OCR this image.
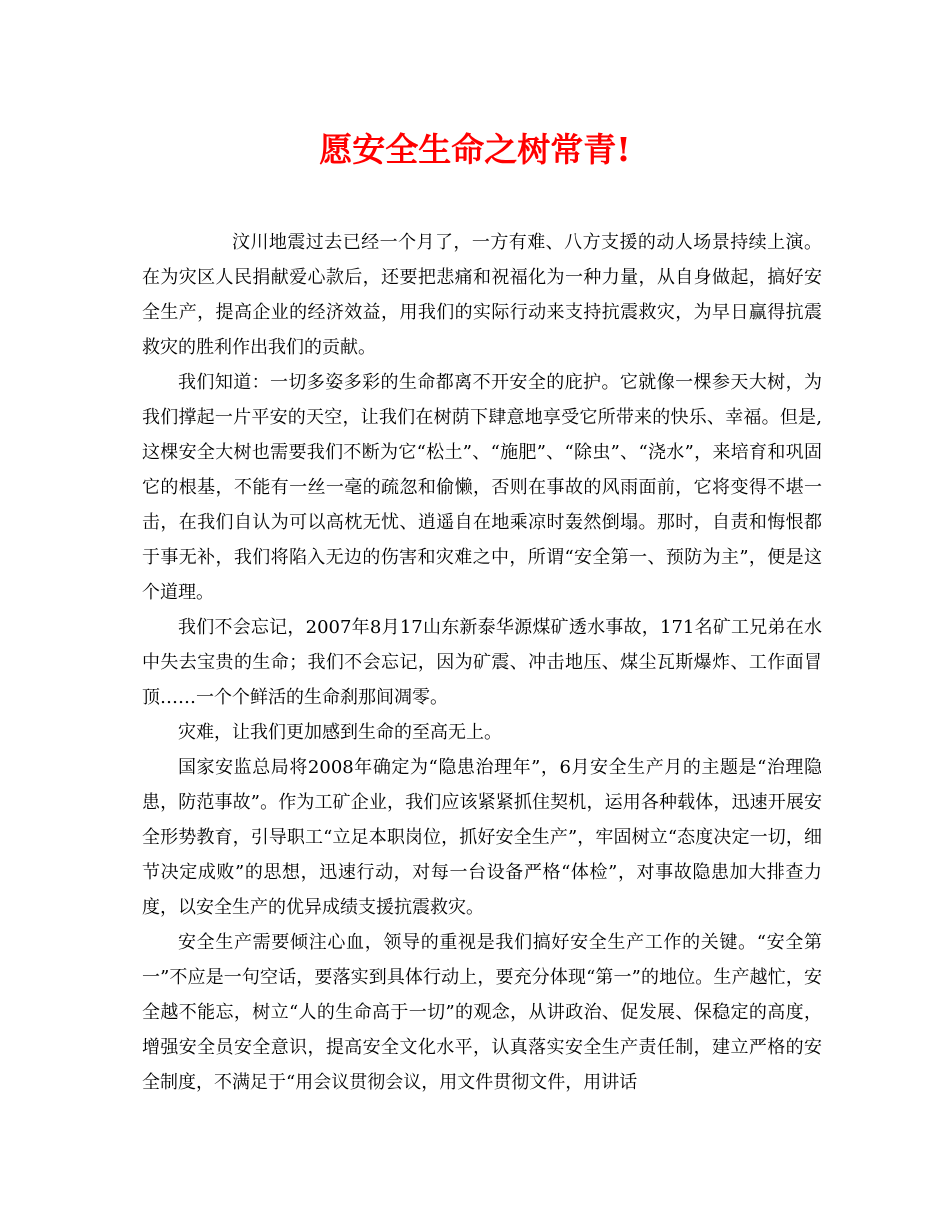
愿安全生命之树常青!

汶川地震过去已经一个月了，一方有难、八方支援的动人场景持续上演。在为灾区人民捐献爱心款后，还要把悲痛和祝福化为一种力量，从自身做起，搞好安全生产，提高企业的经济效益，用我们的实际行动来支持抗震救灾，为早日赢得抗震救灾的胜利作出我们的贡献。

我们知道：一切多姿多彩的生命都离不开安全的庇护。它就像一棵参天大树，为我们撑起一片平安的天空，让我们在树荫下肆意地享受它所带来的快乐、幸福。但是,这棵安全大树也需要我们不断为它“松土”、“施肥”、“除虫”、“浇水”，来培育和巩固它的根基，不能有一丝一毫的疏忽和偷懒，否则在事故的风雨面前，它将变得不堪一击，在我们自认为可以高枕无忧、逍遥自在地乘凉时轰然倒塌。那时，自责和悔恨都于事无补，我们将陷入无边的伤害和灾难之中，所谓“安全第一、预防为主”，便是这个道理。

我们不会忘记，2007年8月17山东新泰华源煤矿透水事故，171名矿工兄弟在水中失去宝贵的生命；我们不会忘记，因为矿震、冲击地压、煤尘瓦斯爆炸、工作面冒顶……一个个鲜活的生命刹那间凋零。

灾难，让我们更加感到生命的至高无上。

国家安监总局将2008年确定为“隐患治理年”，6月安全生产月的主题是“治理隐患，防范事故”。作为工矿企业，我们应该紧紧抓住契机，运用各种载体，迅速开展安全形势教育，引导职工“立足本职岗位，抓好安全生产”，牢固树立“态度决定一切，细节决定成败”的思想，迅速行动，对每一台设备严格“体检”，对事故隐患加大排查力度，以安全生产的优异成绩支援抗震救灾。

安全生产需要倾注心血，领导的重视是我们搞好安全生产工作的关键。“安全第一”不应是一句空话，要落实到具体行动上，要充分体现“第一”的地位。生产越忙，安全越不能忘，树立“人的生命高于一切”的观念，从讲政治、促发展、保稳定的高度，增强安全员安全意识，提高安全文化水平，认真落实安全生产责任制，建立严格的安全制度，不满足于“用会议贯彻会议，用文件贯彻文件，用讲话
